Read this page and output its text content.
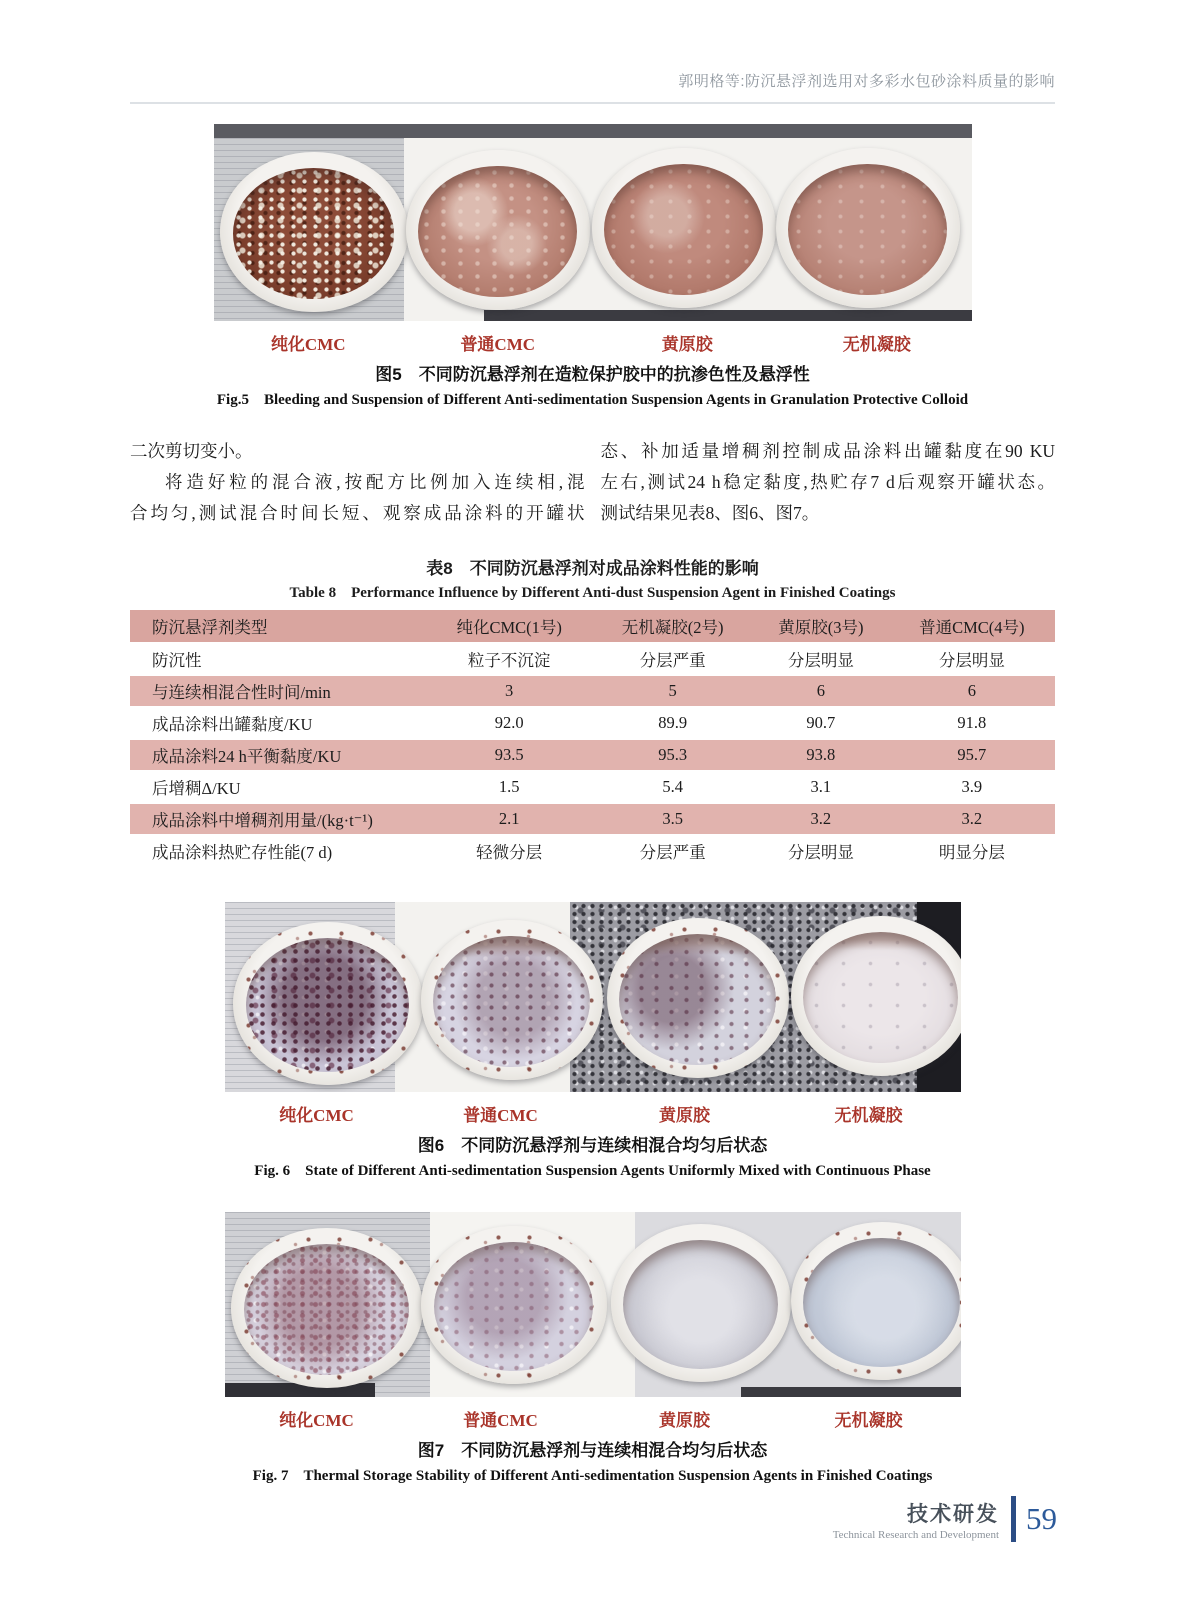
郭明格等:防沉悬浮剂选用对多彩水包砂涂料质量的影响
纯化CMC	普通CMC	黄原胶	无机凝胶
图5　不同防沉悬浮剂在造粒保护胶中的抗渗色性及悬浮性
Fig.5　Bleeding and Suspension of Different Anti-sedimentation Suspension Agents in Granulation Protective Colloid
二次剪切变小。
将造好粒的混合液,按配方比例加入连续相,混
合均匀,测试混合时间长短、观察成品涂料的开罐状
态、补加适量增稠剂控制成品涂料出罐黏度在90 KU
左右,测试24 h稳定黏度,热贮存7 d后观察开罐状态。
测试结果见表8、图6、图7。
表8　不同防沉悬浮剂对成品涂料性能的影响
Table 8　Performance Influence by Different Anti-dust Suspension Agent in Finished Coatings
防沉悬浮剂类型	纯化CMC(1号)	无机凝胶(2号)	黄原胶(3号)	普通CMC(4号)
防沉性	粒子不沉淀	分层严重	分层明显	分层明显
与连续相混合性时间/min	3	5	6	6
成品涂料出罐黏度/KU	92.0	89.9	90.7	91.8
成品涂料24 h平衡黏度/KU	93.5	95.3	93.8	95.7
后增稠Δ/KU	1.5	5.4	3.1	3.9
成品涂料中增稠剂用量/(kg·t⁻¹)	2.1	3.5	3.2	3.2
成品涂料热贮存性能(7 d)	轻微分层	分层严重	分层明显	明显分层
纯化CMC	普通CMC	黄原胶	无机凝胶
图6　不同防沉悬浮剂与连续相混合均匀后状态
Fig. 6　State of Different Anti-sedimentation Suspension Agents Uniformly Mixed with Continuous Phase
纯化CMC	普通CMC	黄原胶	无机凝胶
图7　不同防沉悬浮剂与连续相混合均匀后状态
Fig. 7　Thermal Storage Stability of Different Anti-sedimentation Suspension Agents in Finished Coatings
技术研发
Technical Research and Development 59
